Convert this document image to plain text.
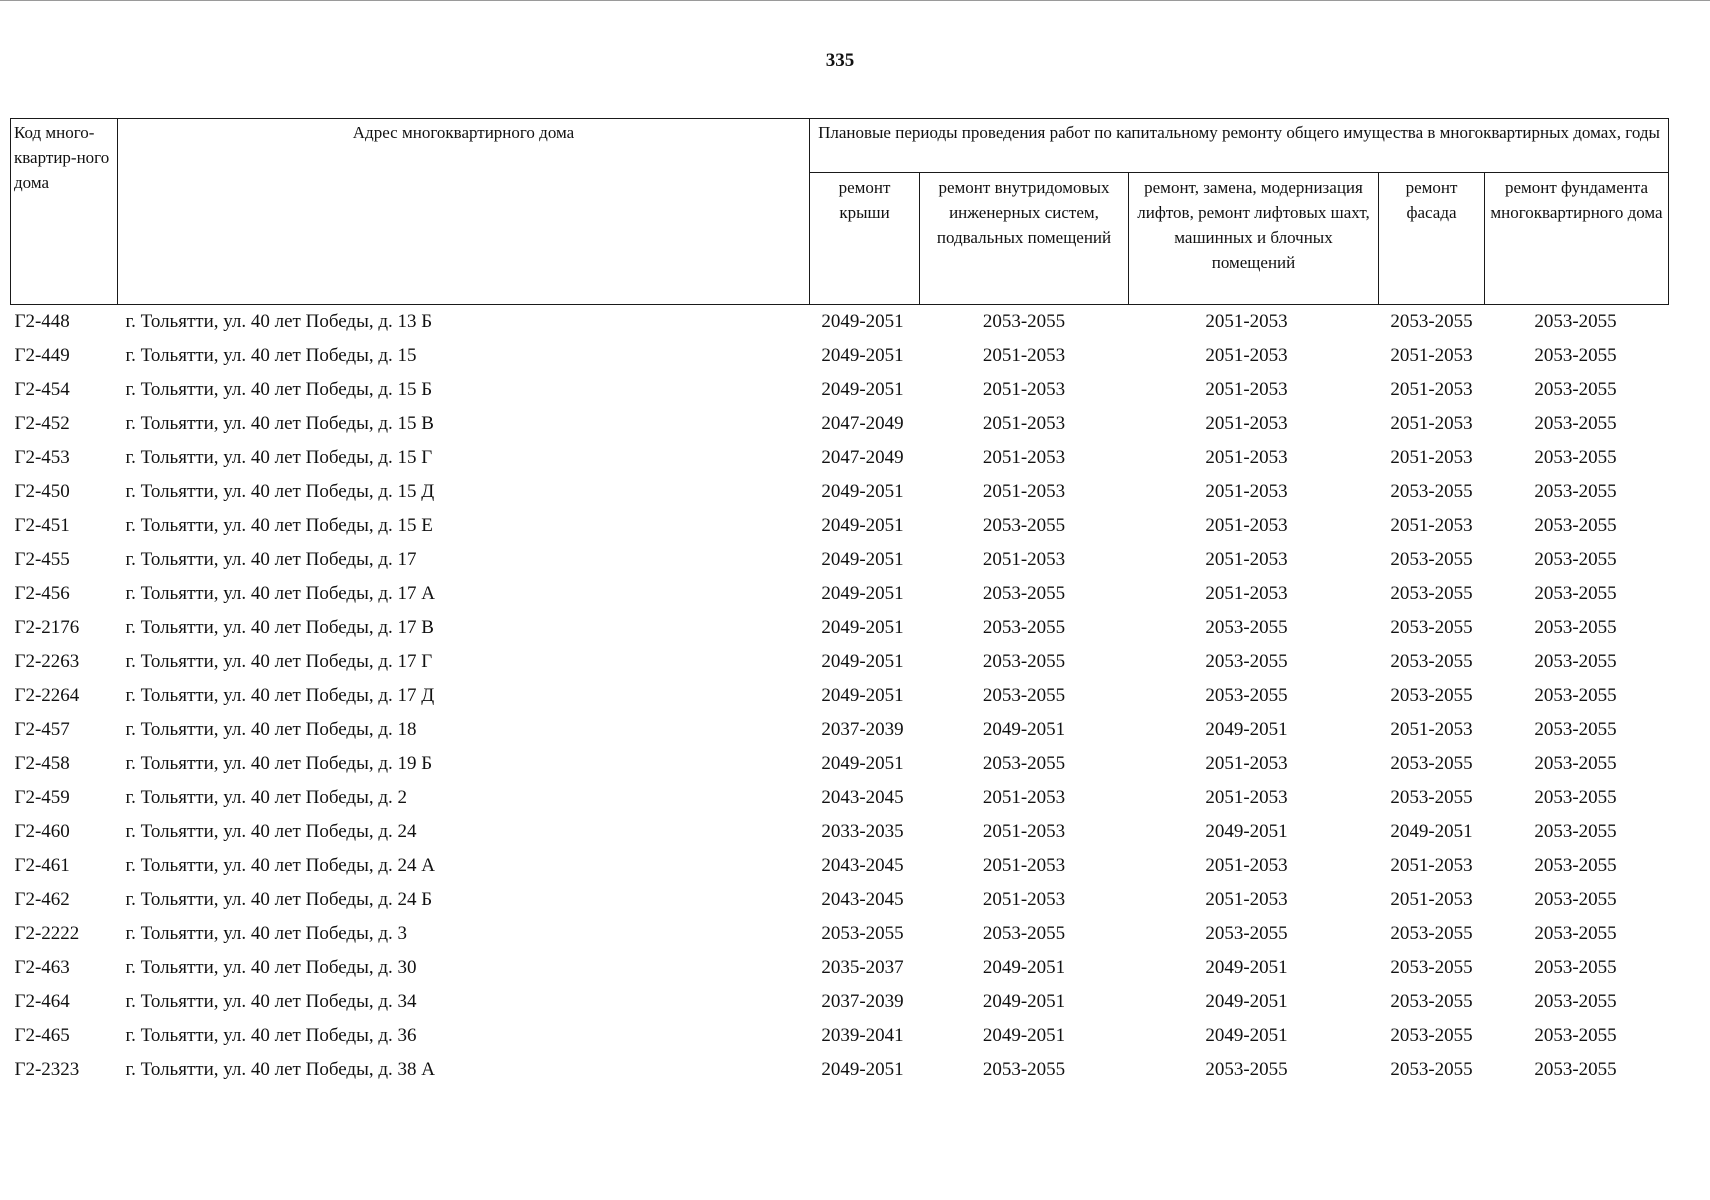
335
Код много-квартир-ного дома	Адрес многоквартирного дома	Плановые периоды проведения работ по капитальному ремонту общего имущества в многоквартирных домах, годы				
		ремонт крыши	ремонт внутридомовых инженерных систем, подвальных помещений	ремонт, замена, модернизация лифтов, ремонт лифтовых шахт, машинных и блочных помещений	ремонт фасада	ремонт фундамента многоквартирного дома
Г2-448	г. Тольятти, ул. 40 лет Победы, д. 13 Б	2049-2051	2053-2055	2051-2053	2053-2055	2053-2055
Г2-449	г. Тольятти, ул. 40 лет Победы, д. 15	2049-2051	2051-2053	2051-2053	2051-2053	2053-2055
Г2-454	г. Тольятти, ул. 40 лет Победы, д. 15 Б	2049-2051	2051-2053	2051-2053	2051-2053	2053-2055
Г2-452	г. Тольятти, ул. 40 лет Победы, д. 15 В	2047-2049	2051-2053	2051-2053	2051-2053	2053-2055
Г2-453	г. Тольятти, ул. 40 лет Победы, д. 15 Г	2047-2049	2051-2053	2051-2053	2051-2053	2053-2055
Г2-450	г. Тольятти, ул. 40 лет Победы, д. 15 Д	2049-2051	2051-2053	2051-2053	2053-2055	2053-2055
Г2-451	г. Тольятти, ул. 40 лет Победы, д. 15 Е	2049-2051	2053-2055	2051-2053	2051-2053	2053-2055
Г2-455	г. Тольятти, ул. 40 лет Победы, д. 17	2049-2051	2051-2053	2051-2053	2053-2055	2053-2055
Г2-456	г. Тольятти, ул. 40 лет Победы, д. 17 А	2049-2051	2053-2055	2051-2053	2053-2055	2053-2055
Г2-2176	г. Тольятти, ул. 40 лет Победы, д. 17 В	2049-2051	2053-2055	2053-2055	2053-2055	2053-2055
Г2-2263	г. Тольятти, ул. 40 лет Победы, д. 17 Г	2049-2051	2053-2055	2053-2055	2053-2055	2053-2055
Г2-2264	г. Тольятти, ул. 40 лет Победы, д. 17 Д	2049-2051	2053-2055	2053-2055	2053-2055	2053-2055
Г2-457	г. Тольятти, ул. 40 лет Победы, д. 18	2037-2039	2049-2051	2049-2051	2051-2053	2053-2055
Г2-458	г. Тольятти, ул. 40 лет Победы, д. 19 Б	2049-2051	2053-2055	2051-2053	2053-2055	2053-2055
Г2-459	г. Тольятти, ул. 40 лет Победы, д. 2	2043-2045	2051-2053	2051-2053	2053-2055	2053-2055
Г2-460	г. Тольятти, ул. 40 лет Победы, д. 24	2033-2035	2051-2053	2049-2051	2049-2051	2053-2055
Г2-461	г. Тольятти, ул. 40 лет Победы, д. 24 А	2043-2045	2051-2053	2051-2053	2051-2053	2053-2055
Г2-462	г. Тольятти, ул. 40 лет Победы, д. 24 Б	2043-2045	2051-2053	2051-2053	2051-2053	2053-2055
Г2-2222	г. Тольятти, ул. 40 лет Победы, д. 3	2053-2055	2053-2055	2053-2055	2053-2055	2053-2055
Г2-463	г. Тольятти, ул. 40 лет Победы, д. 30	2035-2037	2049-2051	2049-2051	2053-2055	2053-2055
Г2-464	г. Тольятти, ул. 40 лет Победы, д. 34	2037-2039	2049-2051	2049-2051	2053-2055	2053-2055
Г2-465	г. Тольятти, ул. 40 лет Победы, д. 36	2039-2041	2049-2051	2049-2051	2053-2055	2053-2055
Г2-2323	г. Тольятти, ул. 40 лет Победы, д. 38 А	2049-2051	2053-2055	2053-2055	2053-2055	2053-2055
